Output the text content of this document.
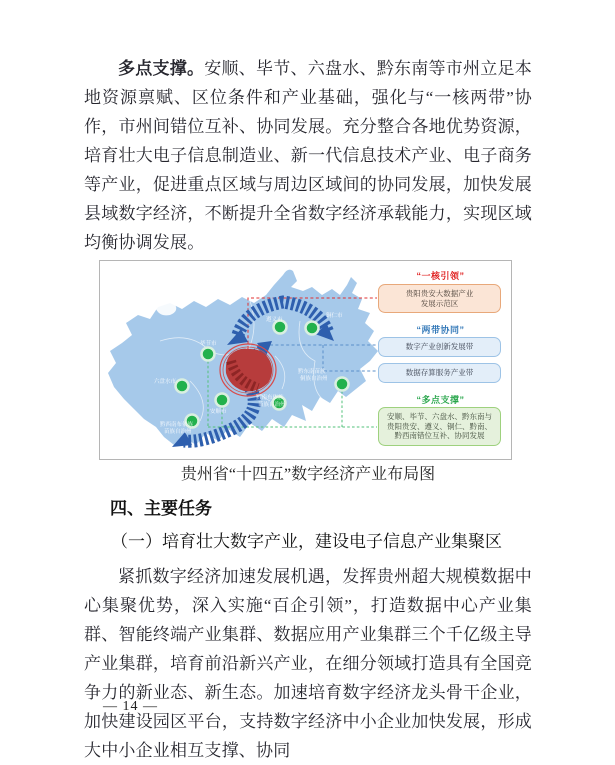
多点支撑。安顺、毕节、六盘水、黔东南等市州立足本地资源禀赋、区位条件和产业基础，强化与“一核两带”协作，市州间错位互补、协同发展。充分整合各地优势资源，培育壮大电子信息制造业、新一代信息技术产业、电子商务等产业，促进重点区域与周边区域间的协同发展，加快发展县域数字经济，不断提升全省数字经济承载能力，实现区域均衡协调发展。

遵义市
铜仁市
毕节市
六盘水市
安顺市
黔东南苗族
侗族自治州
黔南布依族
苗族自治州
黔西南布依族
苗族自治州
“一核引领”
贵阳贵安大数据产业
发展示范区
“两带协同”
数字产业创新发展带
数据存算服务产业带
“多点支撑”
安顺、毕节、六盘水、黔东南与
贵阳贵安、遵义、铜仁、黔南、
黔西南错位互补、协同发展

贵州省“十四五”数字经济产业布局图

四、主要任务

（一）培育壮大数字产业，建设电子信息产业集聚区

紧抓数字经济加速发展机遇，发挥贵州超大规模数据中心集聚优势，深入实施“百企引领”，打造数据中心产业集群、智能终端产业集群、数据应用产业集群三个千亿级主导产业集群，培育前沿新兴产业，在细分领域打造具有全国竞争力的新业态、新生态。加速培育数字经济龙头骨干企业，加快建设园区平台，支持数字经济中小企业加快发展，形成大中小企业相互支撑、协同

— 14 —
